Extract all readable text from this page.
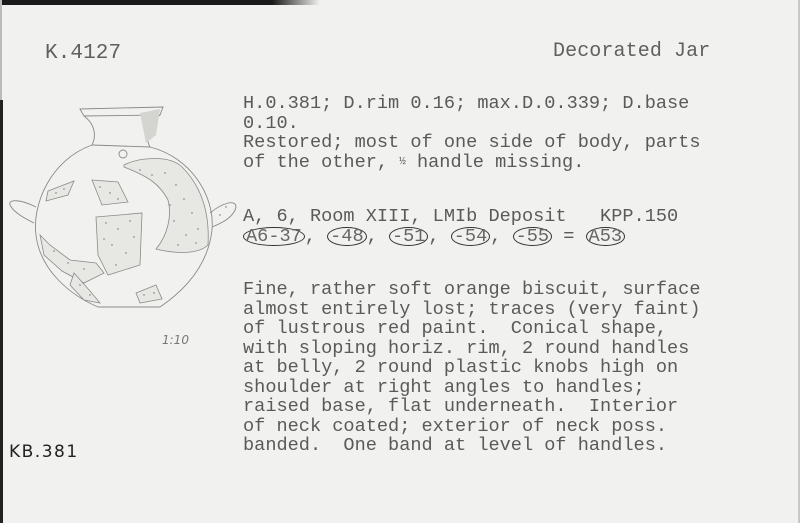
K.4127	Decorated Jar
1:10
H.0.381; D.rim 0.16; max.D.0.339; D.base
0.10.
Restored; most of one side of body, parts
of the other, ½ handle missing.
A, 6, Room XIII, LMIb Deposit   KPP.150
A6-37 , -48 , -51 , -54 , -55 = A53
Fine, rather soft orange biscuit, surface
almost entirely lost; traces (very faint)
of lustrous red paint.  Conical shape,
with sloping horiz. rim, 2 round handles
at belly, 2 round plastic knobs high on
shoulder at right angles to handles;
raised base, flat underneath.  Interior
of neck coated; exterior of neck poss.
banded.  One band at level of handles.
KB.381
